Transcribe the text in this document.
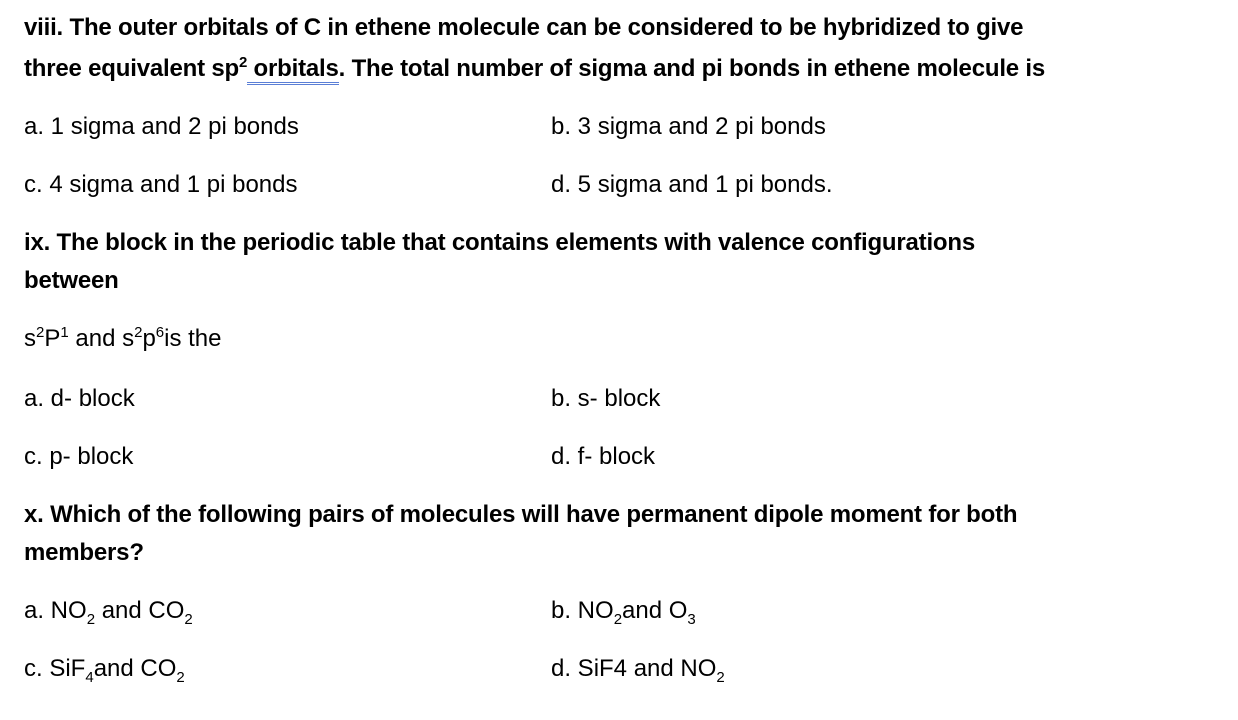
viii. The outer orbitals of C in ethene molecule can be considered to be hybridized to give
three equivalent $sp^2$ orbitals. The total number of sigma and pi bonds in ethene molecule is
a. 1 sigma and 2 pi bonds	b. 3 sigma and 2 pi bonds
c. 4 sigma and 1 pi bonds	d. 5 sigma and 1 pi bonds.
ix. The block in the periodic table that contains elements with valence configurations
between
$s^2P^1$ and $s^2p^6is$ the
a. d- block	b. s- block
c. p- block	d. f- block
x. Which of the following pairs of molecules will have permanent dipole moment for both
members?
a. $NO_2$ and $CO_2$	b. $NO_2and$ $O_3$
c. SiF$_4$and $CO_2$	d. SiF4 and $NO_2$
